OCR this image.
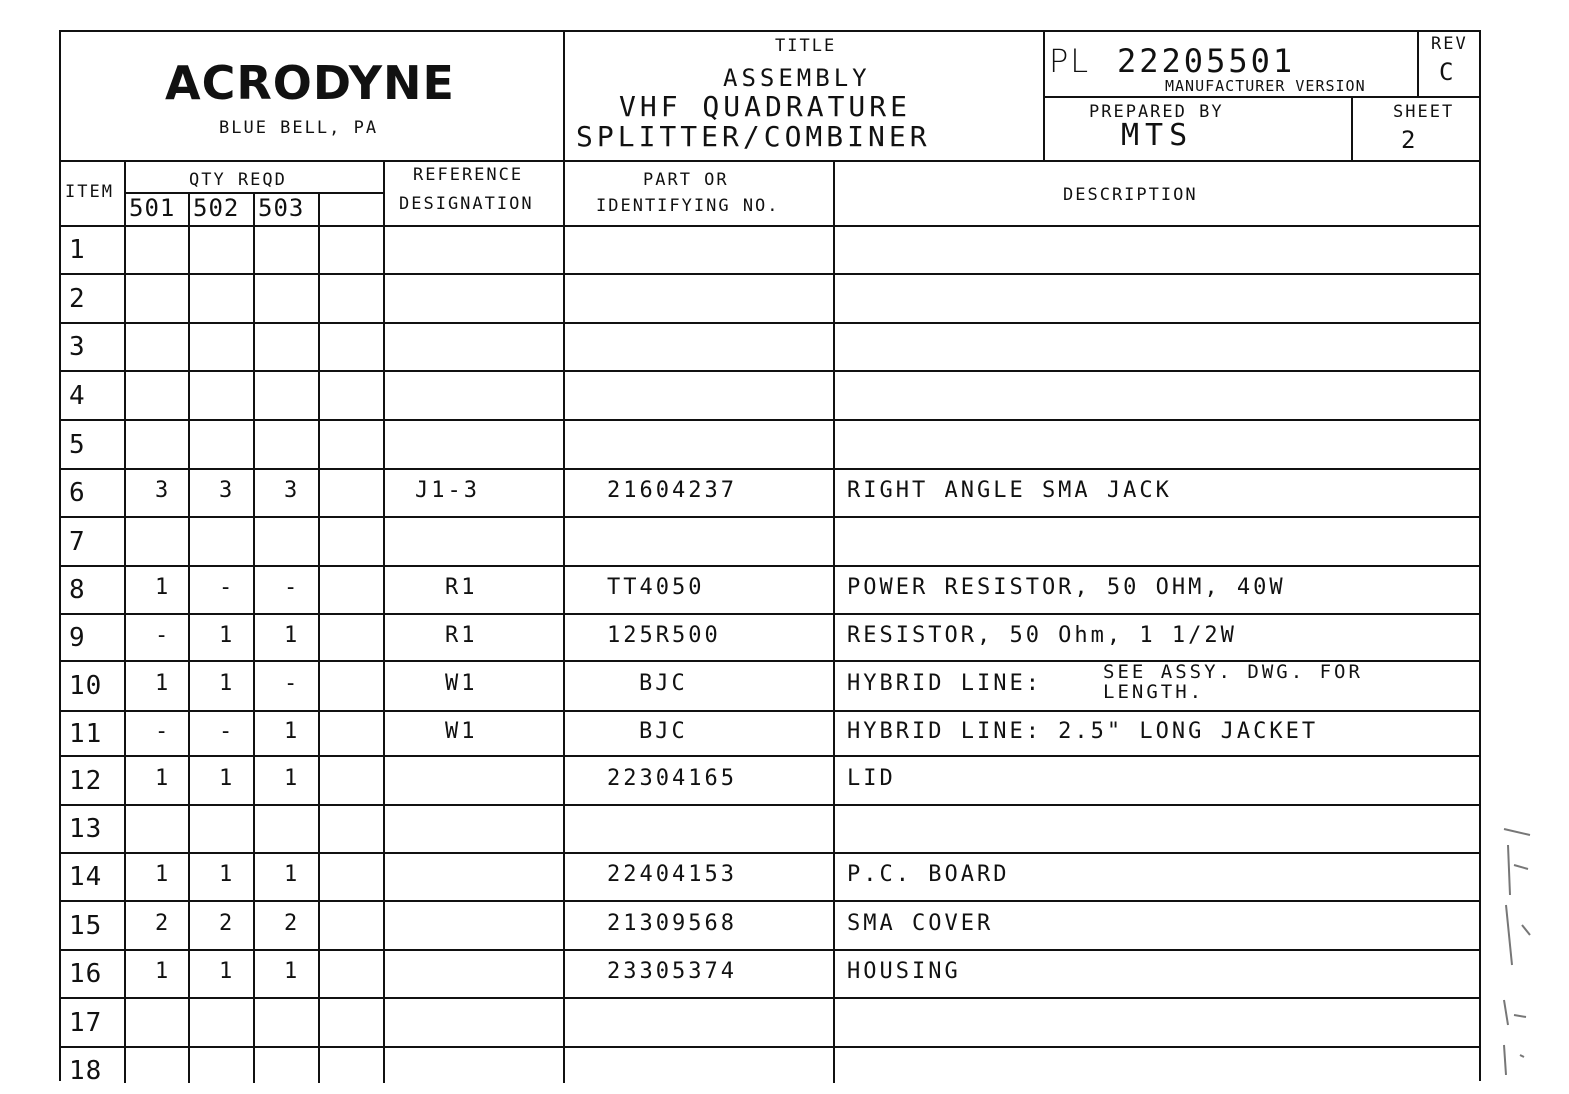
ACRODYNE
BLUE BELL, PA
TITLE
ASSEMBLY
VHF QUADRATURE
SPLITTER/COMBINER
PL 22205501
MANUFACTURER VERSION
REV
C
PREPARED BY
MTS
SHEET
2
ITEM
QTY REQD
501 502 503
REFERENCE
DESIGNATION
PART OR
IDENTIFYING NO.
DESCRIPTION
1
2
3
4
5
6	3 3 3	J1-3	21604237	RIGHT ANGLE SMA JACK
7
8	1 - -	R1	TT4050	POWER RESISTOR, 50 OHM, 40W
9	- 1 1	R1	125R500	RESISTOR, 50 Ohm, 1 1/2W
10 1 1 -	W1	BJC	HYBRID LINE:	SEE ASSY. DWG. FOR
LENGTH.
11 - - 1	W1	BJC	HYBRID LINE: 2.5" LONG JACKET
12 1 1 1	22304165	LID
13
14 1 1 1	22404153	P.C. BOARD
15 2 2 2	21309568	SMA COVER
16 1 1 1	23305374	HOUSING
17
18
